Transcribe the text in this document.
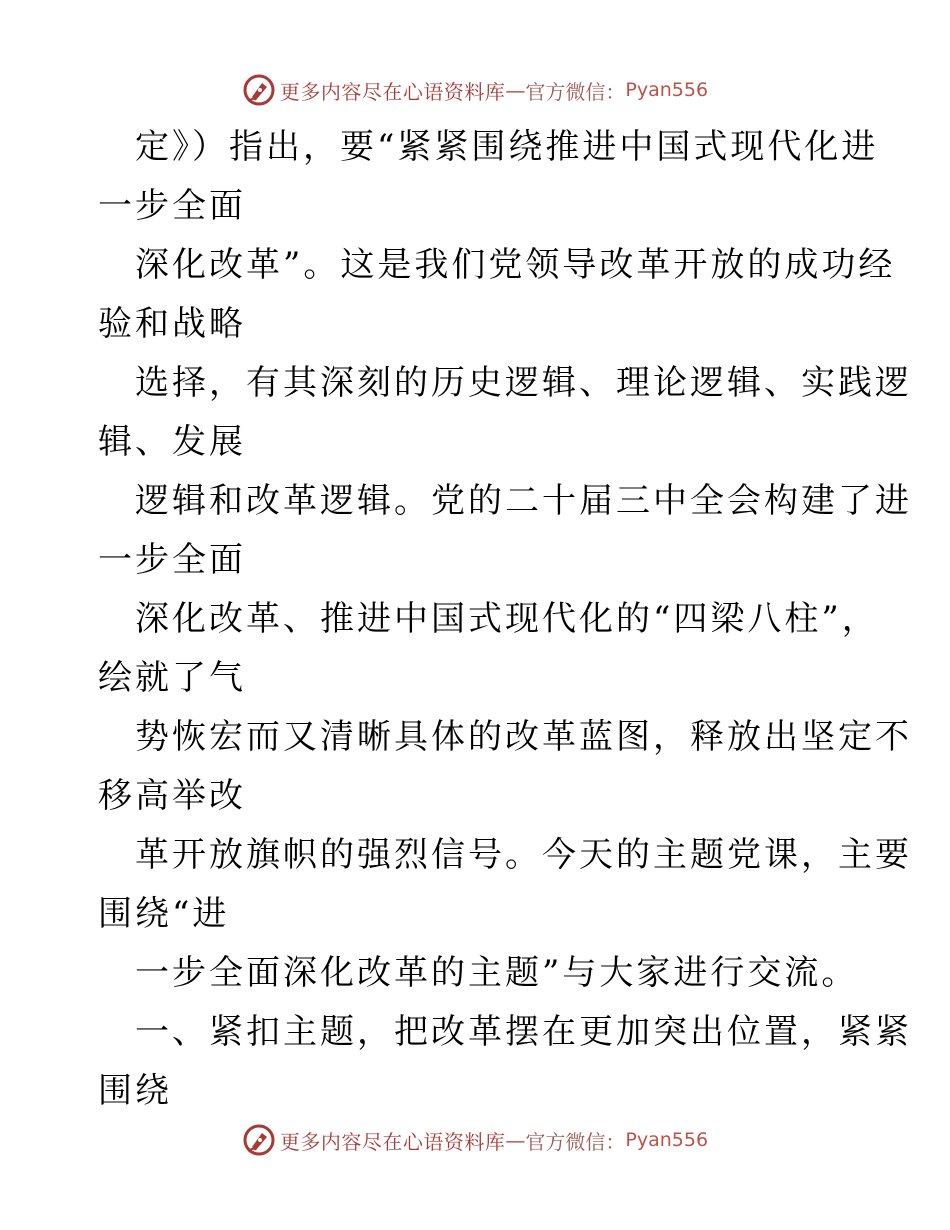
更多内容尽在心语资料库 — 官方微信： Pyan556
定》）指出，要“紧紧围绕推进中国式现代化进
一步全面
深化改革”。这是我们党领导改革开放的成功经
验和战略
选择，有其深刻的历史逻辑、理论逻辑、实践逻
辑、发展
逻辑和改革逻辑。党的二十届三中全会构建了进
一步全面
深化改革、推进中国式现代化的“四梁八柱”，
绘就了气
势恢宏而又清晰具体的改革蓝图，释放出坚定不
移高举改
革开放旗帜的强烈信号。今天的主题党课，主要
围绕“进
一步全面深化改革的主题”与大家进行交流。
一、紧扣主题，把改革摆在更加突出位置，紧紧
围绕
更多内容尽在心语资料库 — 官方微信： Pyan556
